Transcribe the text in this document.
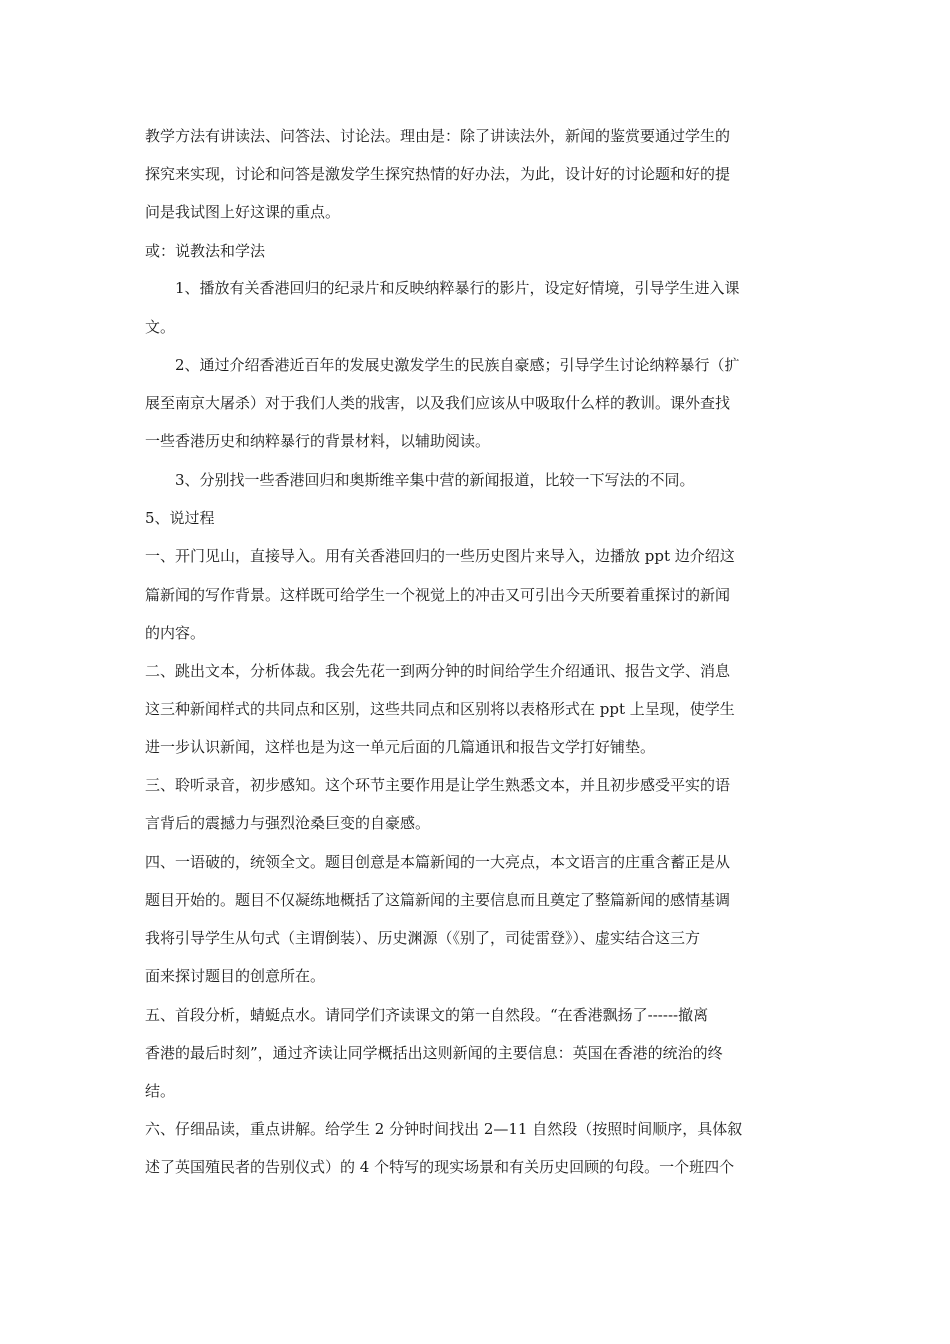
教学方法有讲读法、问答法、讨论法。理由是：除了讲读法外，新闻的鉴赏要通过学生的
探究来实现，讨论和问答是激发学生探究热情的好办法，为此，设计好的讨论题和好的提
问是我试图上好这课的重点。
或：说教法和学法
1、播放有关香港回归的纪录片和反映纳粹暴行的影片，设定好情境，引导学生进入课
文。
2、通过介绍香港近百年的发展史激发学生的民族自豪感；引导学生讨论纳粹暴行（扩
展至南京大屠杀）对于我们人类的戕害，以及我们应该从中吸取什么样的教训。课外查找
一些香港历史和纳粹暴行的背景材料，以辅助阅读。
3、分别找一些香港回归和奥斯维辛集中营的新闻报道，比较一下写法的不同。
5、说过程
一、开门见山，直接导入。用有关香港回归的一些历史图片来导入，边播放 ppt 边介绍这
篇新闻的写作背景。这样既可给学生一个视觉上的冲击又可引出今天所要着重探讨的新闻
的内容。
二、跳出文本，分析体裁。我会先花一到两分钟的时间给学生介绍通讯、报告文学、消息
这三种新闻样式的共同点和区别，这些共同点和区别将以表格形式在 ppt 上呈现，使学生
进一步认识新闻，这样也是为这一单元后面的几篇通讯和报告文学打好铺垫。
三、聆听录音，初步感知。这个环节主要作用是让学生熟悉文本，并且初步感受平实的语
言背后的震撼力与强烈沧桑巨变的自豪感。
四、一语破的，统领全文。题目创意是本篇新闻的一大亮点，本文语言的庄重含蓄正是从
题目开始的。题目不仅凝练地概括了这篇新闻的主要信息而且奠定了整篇新闻的感情基调
我将引导学生从句式（主谓倒装）、历史渊源（《别了，司徒雷登》）、虚实结合这三方
面来探讨题目的创意所在。
五、首段分析，蜻蜓点水。请同学们齐读课文的第一自然段。“在香港飘扬了------撤离
香港的最后时刻”，通过齐读让同学概括出这则新闻的主要信息：英国在香港的统治的终
结。
六、仔细品读，重点讲解。给学生 2 分钟时间找出 2—11 自然段（按照时间顺序，具体叙
述了英国殖民者的告别仪式）的 4 个特写的现实场景和有关历史回顾的句段。一个班四个
